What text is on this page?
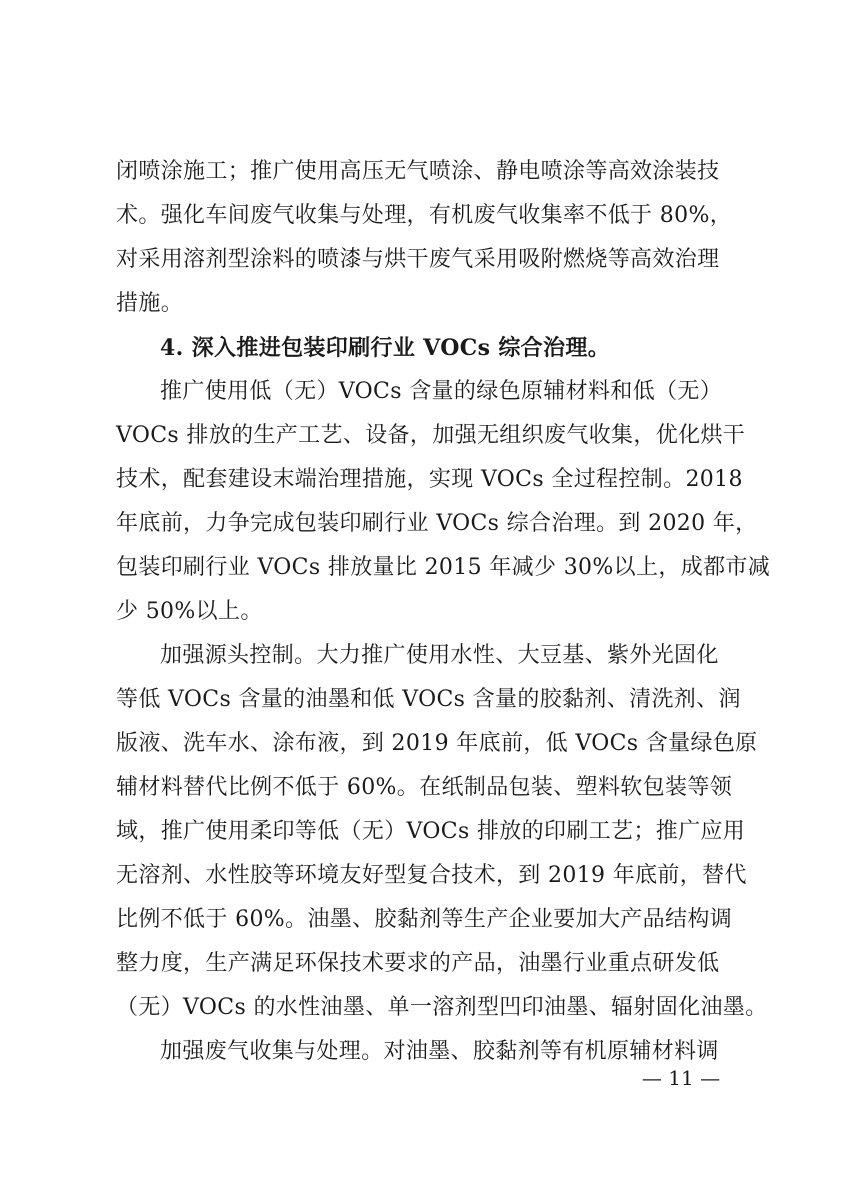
闭喷涂施工；推广使用高压无气喷涂、静电喷涂等高效涂装技
术。强化车间废气收集与处理，有机废气收集率不低于 80%，
对采用溶剂型涂料的喷漆与烘干废气采用吸附燃烧等高效治理
措施。
4. 深入推进包装印刷行业 VOCs 综合治理。
推广使用低（无）VOCs 含量的绿色原辅材料和低（无）
VOCs 排放的生产工艺、设备，加强无组织废气收集，优化烘干
技术，配套建设末端治理措施，实现 VOCs 全过程控制。2018
年底前，力争完成包装印刷行业 VOCs 综合治理。到 2020 年，
包装印刷行业 VOCs 排放量比 2015 年减少 30%以上，成都市减
少 50%以上。
加强源头控制。大力推广使用水性、大豆基、紫外光固化
等低 VOCs 含量的油墨和低 VOCs 含量的胶黏剂、清洗剂、润
版液、洗车水、涂布液，到 2019 年底前，低 VOCs 含量绿色原
辅材料替代比例不低于 60%。在纸制品包装、塑料软包装等领
域，推广使用柔印等低（无）VOCs 排放的印刷工艺；推广应用
无溶剂、水性胶等环境友好型复合技术，到 2019 年底前，替代
比例不低于 60%。油墨、胶黏剂等生产企业要加大产品结构调
整力度，生产满足环保技术要求的产品，油墨行业重点研发低
（无）VOCs 的水性油墨、单一溶剂型凹印油墨、辐射固化油墨。
加强废气收集与处理。对油墨、胶黏剂等有机原辅材料调
— 11 —
